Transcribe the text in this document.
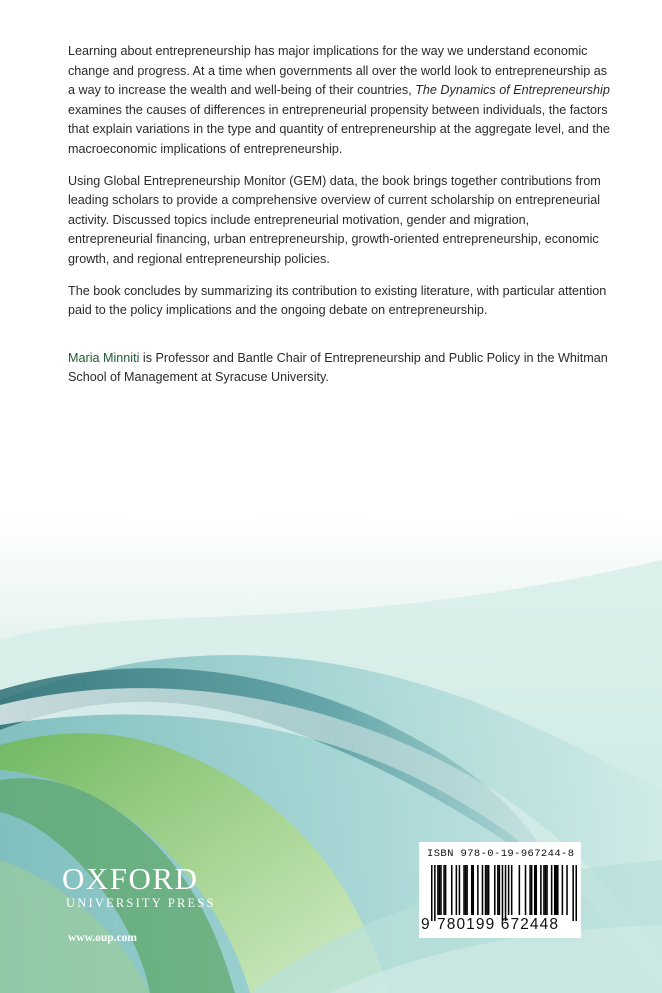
Learning about entrepreneurship has major implications for the way we understand economic change and progress. At a time when governments all over the world look to entrepreneurship as a way to increase the wealth and well-being of their countries, The Dynamics of Entrepreneurship examines the causes of differences in entrepreneurial propensity between individuals, the factors that explain variations in the type and quantity of entrepreneurship at the aggregate level, and the macroeconomic implications of entrepreneurship.

Using Global Entrepreneurship Monitor (GEM) data, the book brings together contributions from leading scholars to provide a comprehensive overview of current scholarship on entrepreneurial activity. Discussed topics include entrepreneurial motivation, gender and migration, entrepreneurial financing, urban entrepreneurship, growth-oriented entrepreneurship, economic growth, and regional entrepreneurship policies.

The book concludes by summarizing its contribution to existing literature, with particular attention paid to the policy implications and the ongoing debate on entrepreneurship.

Maria Minniti is Professor and Bantle Chair of Entrepreneurship and Public Policy in the Whitman School of Management at Syracuse University.

OXFORD
UNIVERSITY PRESS
www.oup.com
ISBN 978-0-19-967244-8
9 780199 672448
